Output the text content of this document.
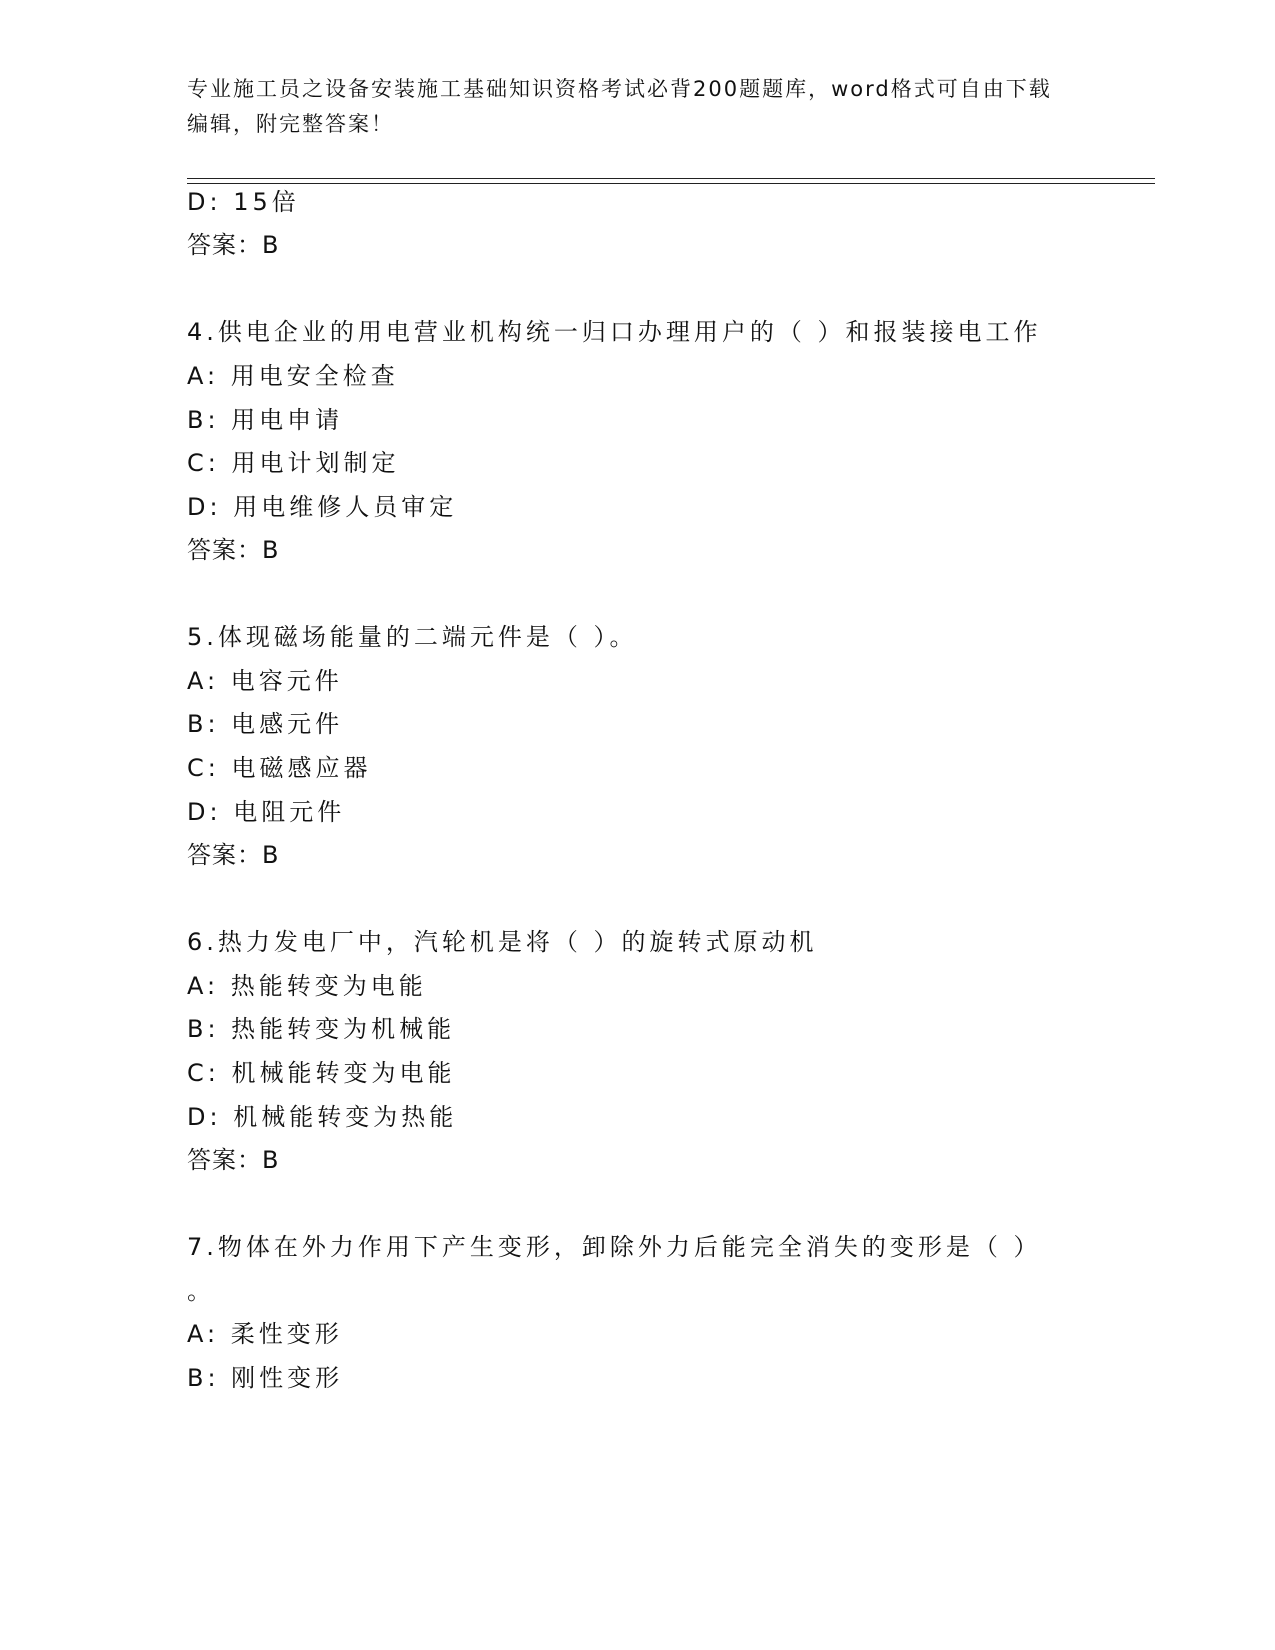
专业施工员之设备安装施工基础知识资格考试必背200题题库，word格式可自由下载编辑，附完整答案！
D: 15倍
答案：B
4.供电企业的用电营业机构统一归口办理用户的（ ）和报装接电工作
A: 用电安全检查
B: 用电申请
C: 用电计划制定
D: 用电维修人员审定
答案：B
5.体现磁场能量的二端元件是（ ）。
A: 电容元件
B: 电感元件
C: 电磁感应器
D: 电阻元件
答案：B
6.热力发电厂中，汽轮机是将（ ）的旋转式原动机
A: 热能转变为电能
B: 热能转变为机械能
C: 机械能转变为电能
D: 机械能转变为热能
答案：B
7.物体在外力作用下产生变形，卸除外力后能完全消失的变形是（ ）
。
A: 柔性变形
B: 刚性变形
